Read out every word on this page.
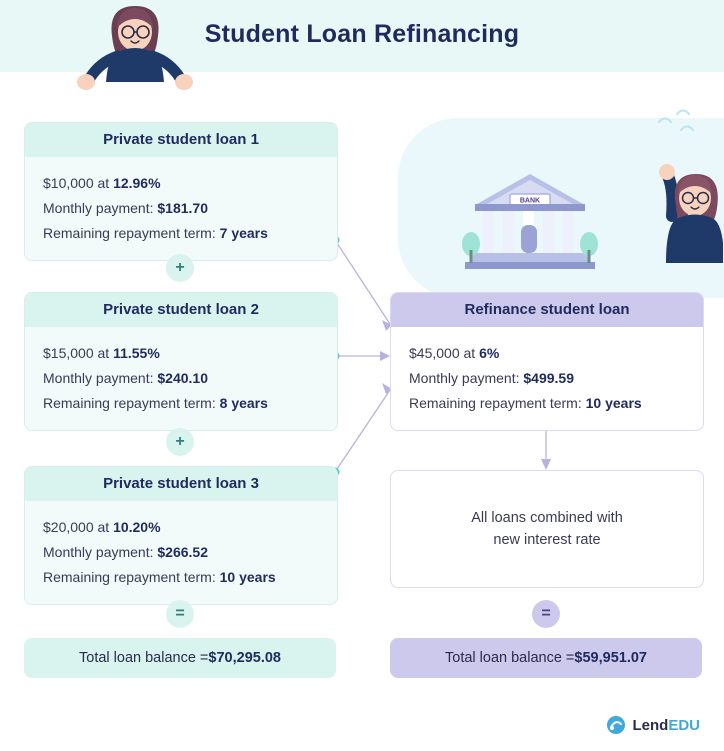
Student Loan Refinancing
BANK
Private student loan 1
$10,000 at 12.96%
Monthly payment: $181.70
Remaining repayment term: 7 years
+
Private student loan 2
$15,000 at 11.55%
Monthly payment: $240.10
Remaining repayment term: 8 years
+
Private student loan 3
$20,000 at 10.20%
Monthly payment: $266.52
Remaining repayment term: 10 years
=
Total loan balance = $70,295.08
Refinance student loan
$45,000 at 6%
Monthly payment: $499.59
Remaining repayment term: 10 years
All loans combined with
new interest rate
=
Total loan balance = $59,951.07
LendEDU
